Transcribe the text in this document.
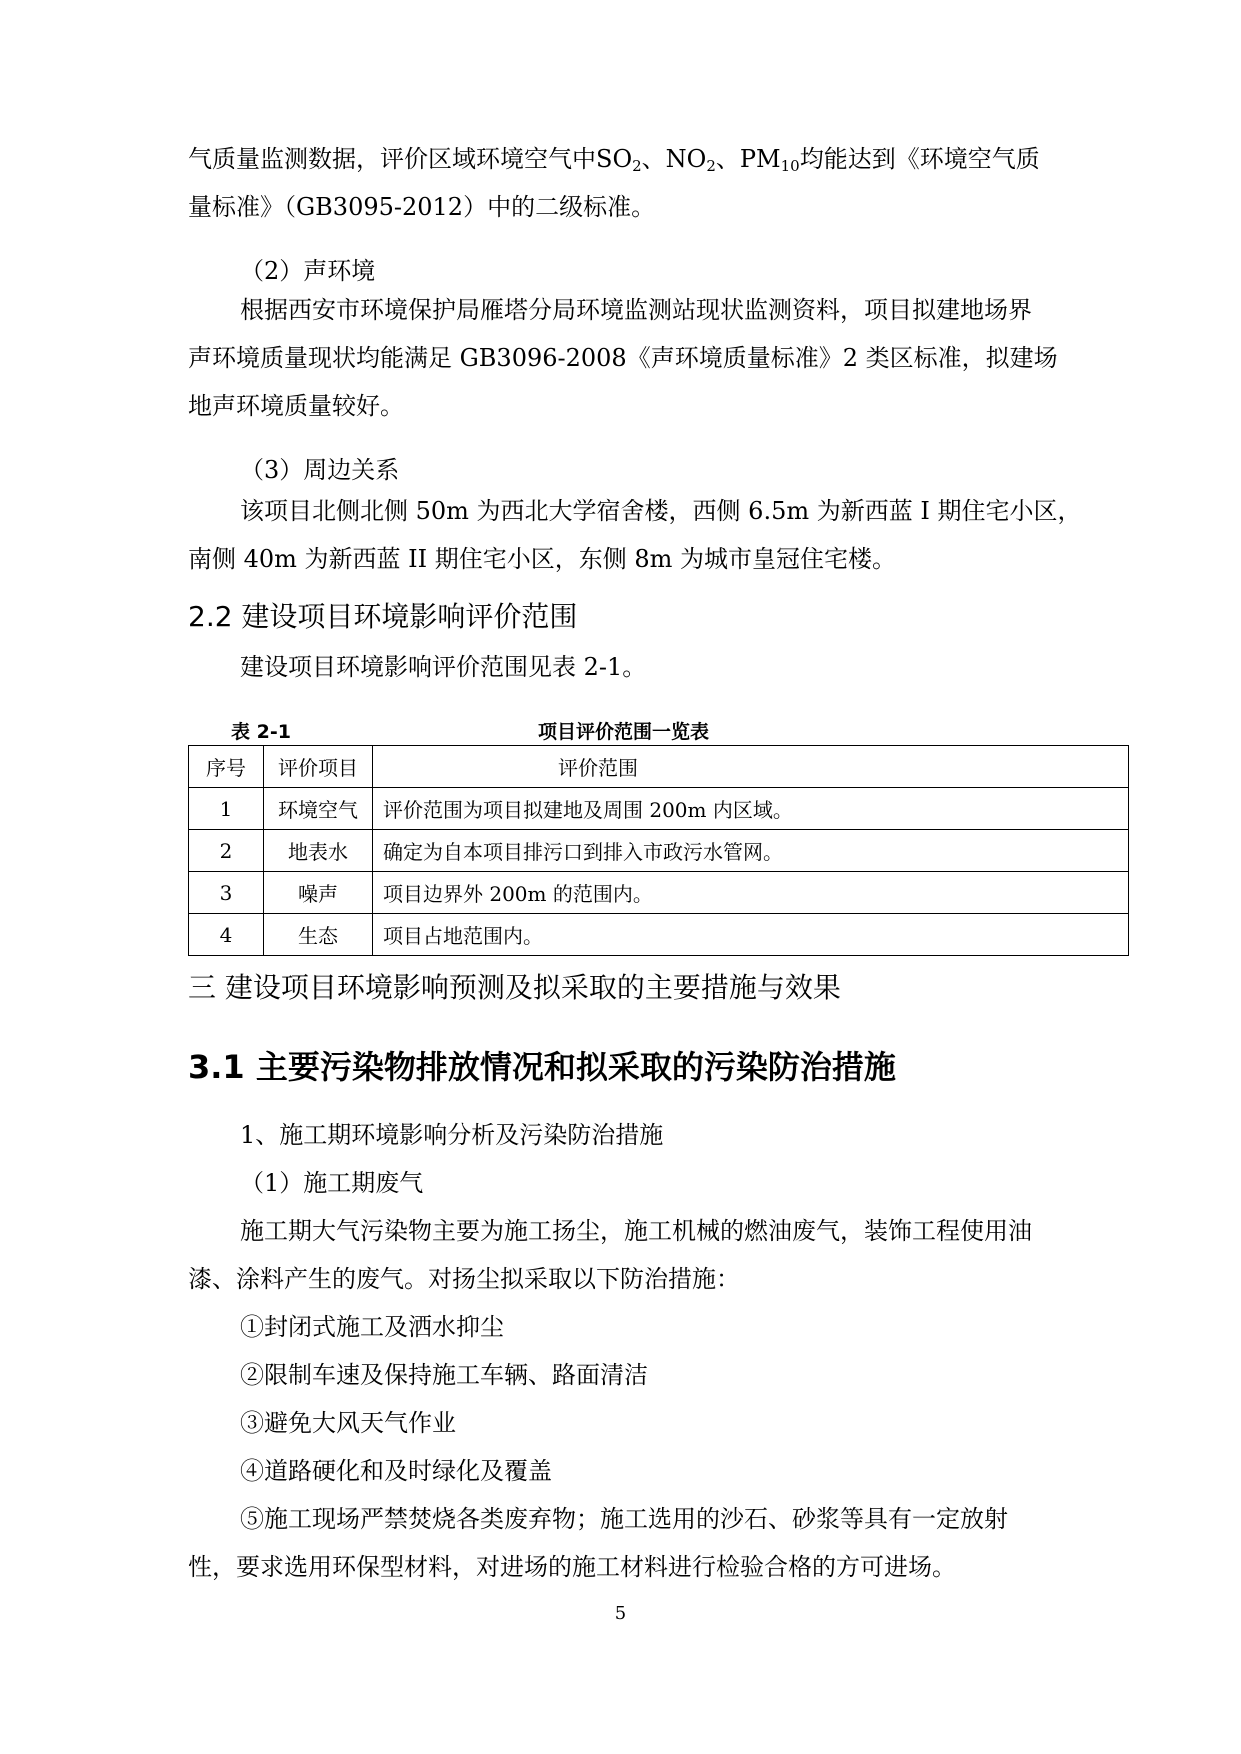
气质量监测数据，评价区域环境空气中$SO_2$、$NO_2$、$PM_{10}$均能达到《环境空气质
量标准》（GB3095-2012）中的二级标准。
（2）声环境
根据西安市环境保护局雁塔分局环境监测站现状监测资料，项目拟建地场界
声环境质量现状均能满足 GB3096-2008《声环境质量标准》2 类区标准，拟建场
地声环境质量较好。
（3）周边关系
该项目北侧北侧 50m 为西北大学宿舍楼，西侧 6.5m 为新西蓝 I 期住宅小区，
南侧 40m 为新西蓝 II 期住宅小区，东侧 8m 为城市皇冠住宅楼。
2.2 建设项目环境影响评价范围
建设项目环境影响评价范围见表 2-1。
表 2-1	项目评价范围一览表
序号	评价项目	评价范围
1	环境空气	评价范围为项目拟建地及周围 200m 内区域。
2	地表水	确定为自本项目排污口到排入市政污水管网。
3	噪声	项目边界外 200m 的范围内。
4	生态	项目占地范围内。
三 建设项目环境影响预测及拟采取的主要措施与效果
3.1 主要污染物排放情况和拟采取的污染防治措施
1、施工期环境影响分析及污染防治措施
（1）施工期废气
施工期大气污染物主要为施工扬尘，施工机械的燃油废气，装饰工程使用油
漆、涂料产生的废气。对扬尘拟采取以下防治措施：
①封闭式施工及洒水抑尘
②限制车速及保持施工车辆、路面清洁
③避免大风天气作业
④道路硬化和及时绿化及覆盖
⑤施工现场严禁焚烧各类废弃物；施工选用的沙石、砂浆等具有一定放射
性，要求选用环保型材料，对进场的施工材料进行检验合格的方可进场。
5
